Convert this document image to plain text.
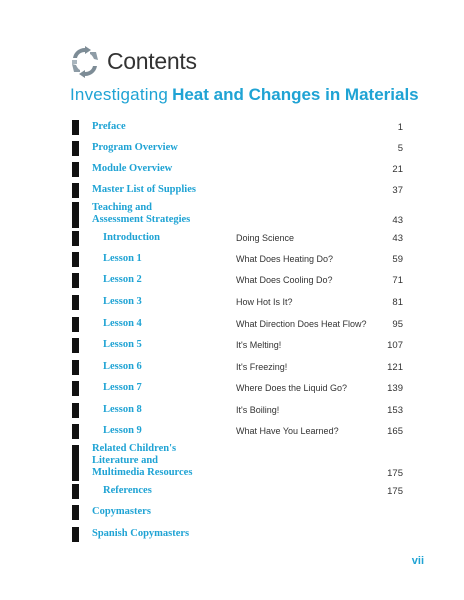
Contents
Investigating Heat and Changes in Materials
Preface	1
Program Overview	5
Module Overview	21
Master List of Supplies	37
Teaching and
Assessment Strategies	43
Introduction	Doing Science	43
Lesson 1	What Does Heating Do?	59
Lesson 2	What Does Cooling Do?	71
Lesson 3	How Hot Is It?	81
Lesson 4	What Direction Does Heat Flow?	95
Lesson 5	It's Melting!	107
Lesson 6	It's Freezing!	121
Lesson 7	Where Does the Liquid Go?	139
Lesson 8	It's Boiling!	153
Lesson 9	What Have You Learned?	165
Related Children's
Literature and
Multimedia Resources	175
References	175
Copymasters
Spanish Copymasters
vii
